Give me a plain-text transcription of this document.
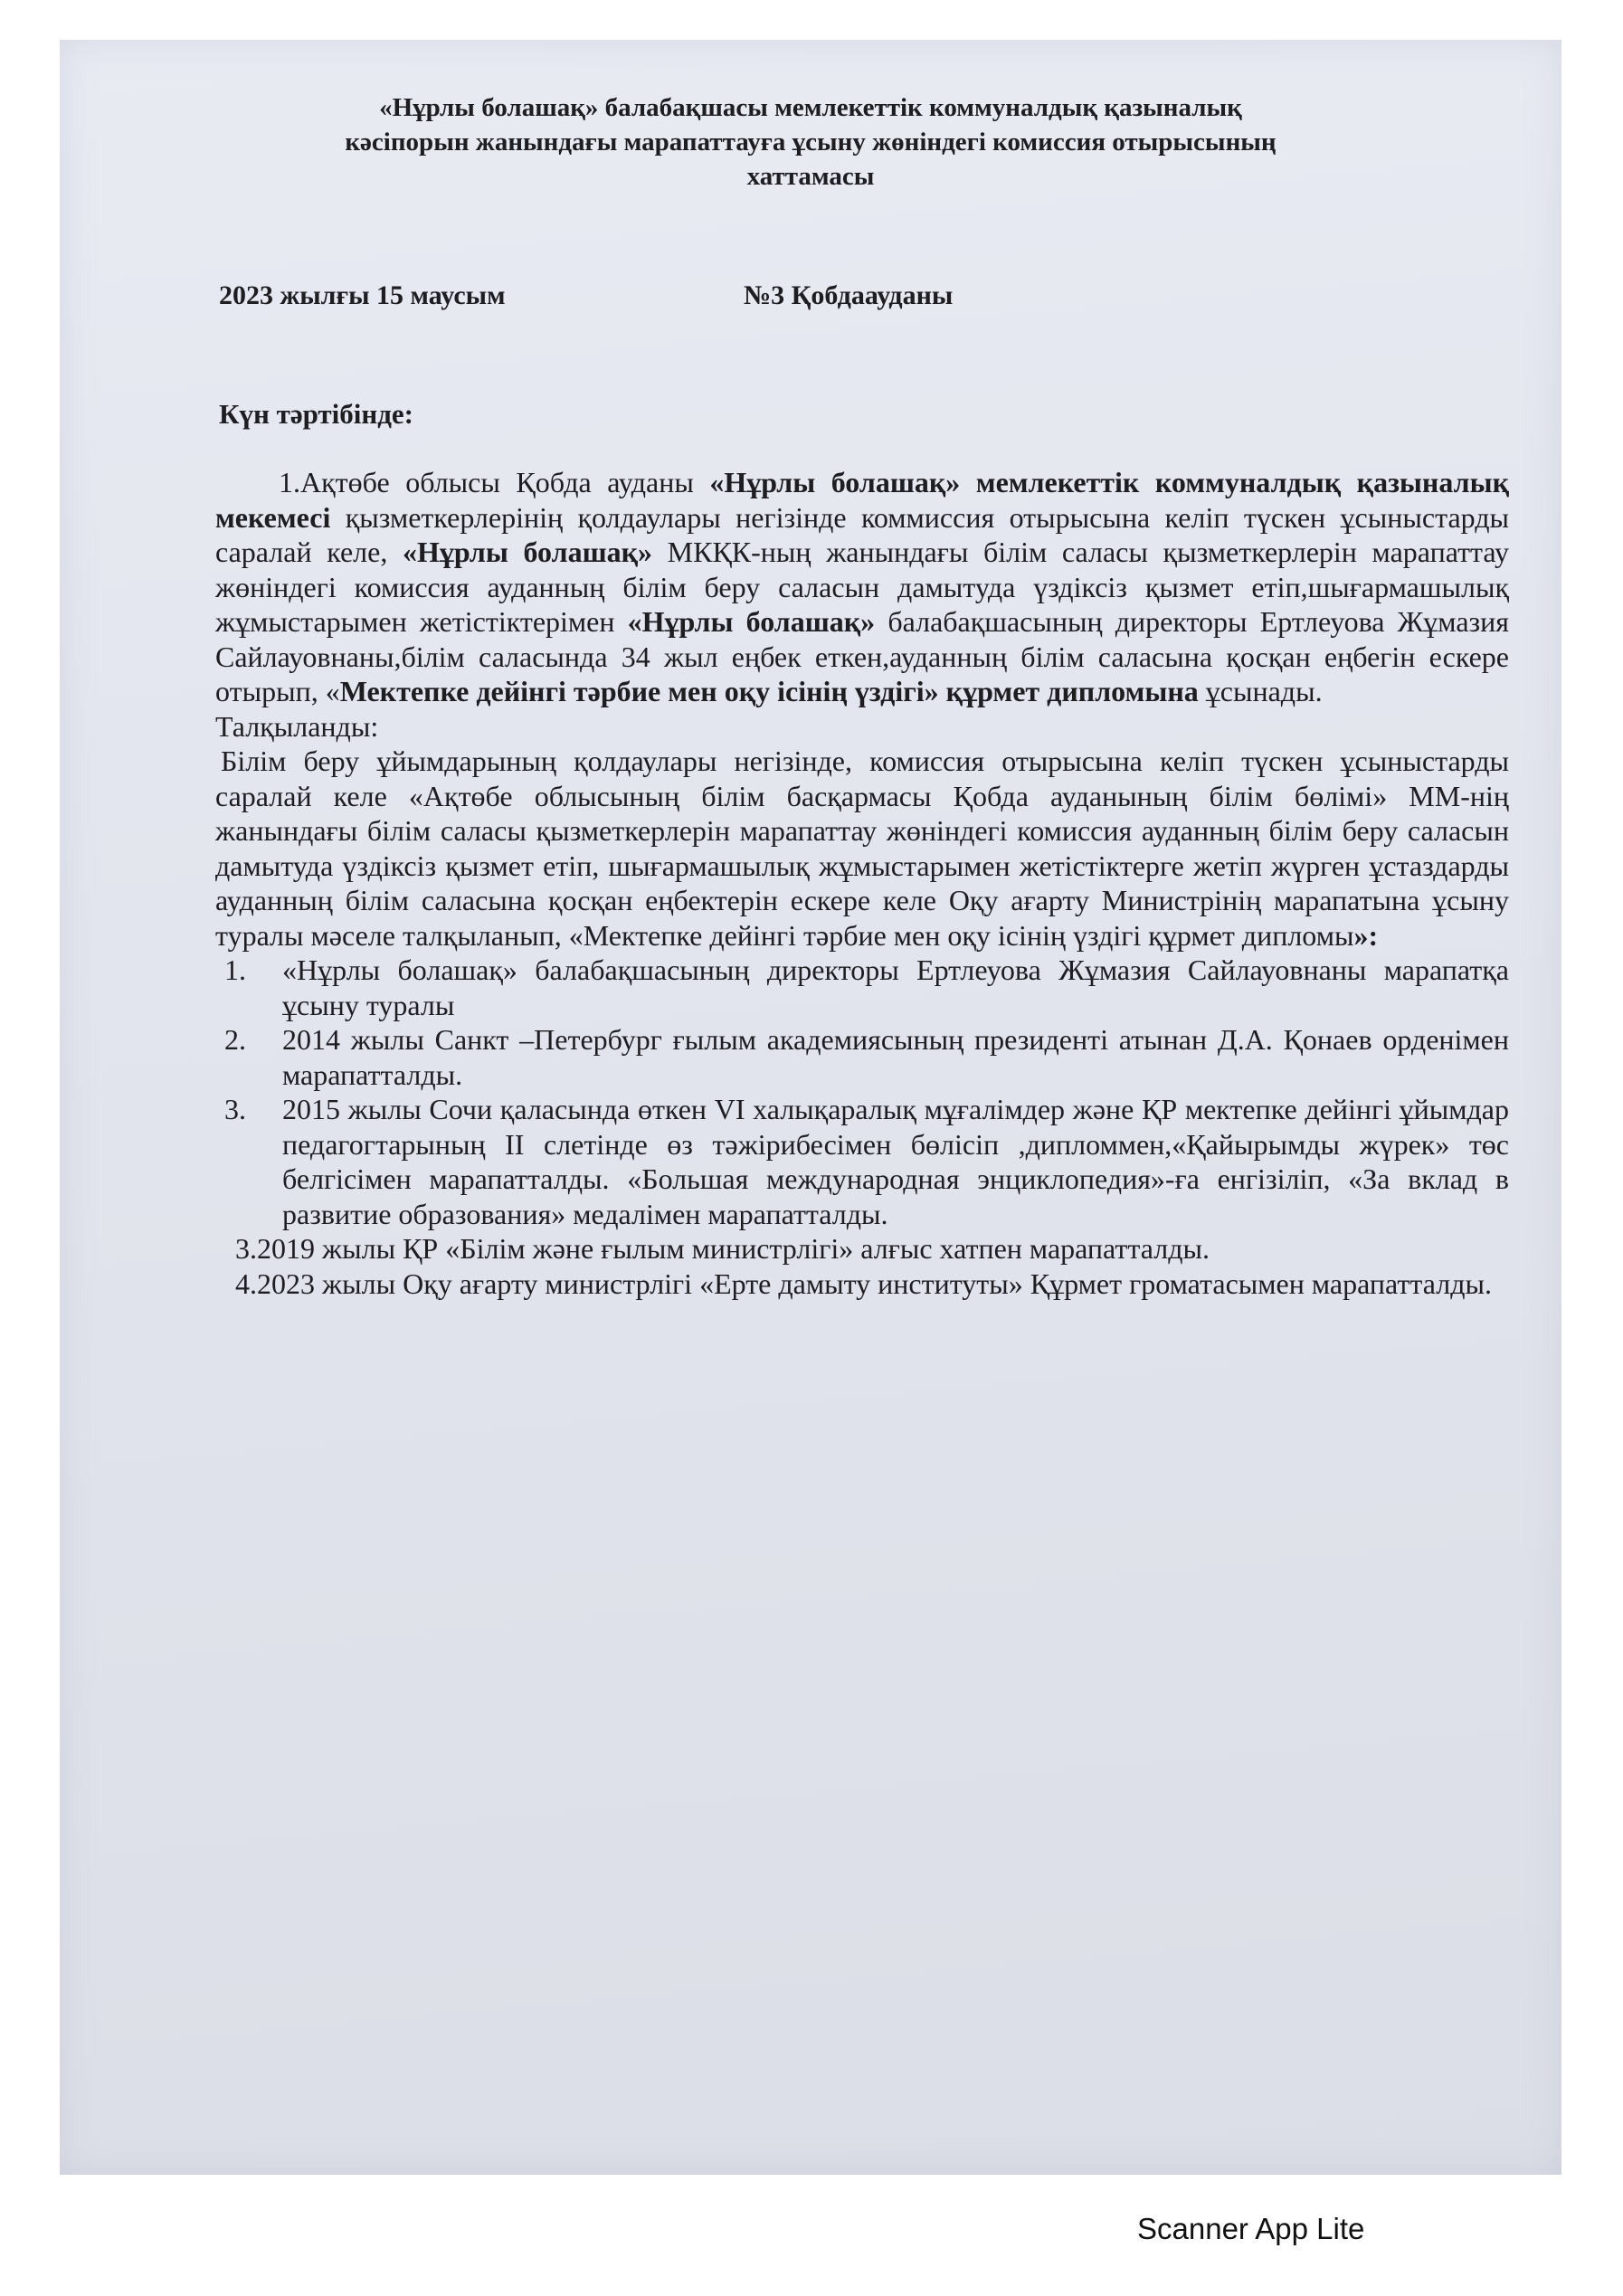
«Нұрлы болашақ» балабақшасы мемлекеттік коммуналдық қазыналық
кәсіпорын жанындағы марапаттауға ұсыну жөніндегі комиссия отырысының
хаттамасы
2023 жылғы 15 маусым	№3 Қобдаауданы
Күн тәртібінде:

1.Ақтөбе облысы Қобда ауданы «Нұрлы болашақ» мемлекеттік коммуналдық қазыналық мекемесі қызметкерлерінің қолдаулары негізінде коммиссия отырысына келіп түскен ұсыныстарды саралай келе, «Нұрлы болашақ» МКҚК-ның жанындағы білім саласы қызметкерлерін марапаттау жөніндегі комиссия ауданның білім беру саласын дамытуда үздіксіз қызмет етіп,шығармашылық жұмыстарымен жетістіктерімен «Нұрлы болашақ» балабақшасының директоры Ертлеуова Жұмазия Сайлауовнаны,білім саласында 34 жыл еңбек еткен,ауданның білім саласына қосқан еңбегін ескере отырып, «Мектепке дейінгі тәрбие мен оқу ісінің үздігі» құрмет дипломына ұсынады.

Талқыланды:

Білім беру ұйымдарының қолдаулары негізінде, комиссия отырысына келіп түскен ұсыныстарды саралай келе «Ақтөбе облысының білім басқармасы Қобда ауданының білім бөлімі» ММ-нің жанындағы білім саласы қызметкерлерін марапаттау жөніндегі комиссия ауданның білім беру саласын дамытуда үздіксіз қызмет етіп, шығармашылық жұмыстарымен жетістіктерге жетіп жүрген ұстаздарды ауданның білім саласына қосқан еңбектерін ескере келе Оқу ағарту Министрінің марапатына ұсыну туралы мәселе талқыланып, «Мектепке дейінгі тәрбие мен оқу ісінің үздігі құрмет дипломы»:

1. «Нұрлы болашақ» балабақшасының директоры Ертлеуова Жұмазия Сайлауовнаны марапатқа ұсыну туралы
2. 2014 жылы Санкт –Петербург ғылым академиясының президенті атынан Д.А. Қонаев орденімен марапатталды.
3. 2015 жылы Сочи қаласында өткен VI халықаралық мұғалімдер және ҚР мектепке дейінгі ұйымдар педагогтарының II слетінде өз тәжірибесімен бөлісіп ,дипломмен,«Қайырымды жүрек» төс белгісімен марапатталды. «Большая международная энциклопедия»-ға енгізіліп, «За вклад в развитие образования» медалімен марапатталды.

3.2019 жылы ҚР «Білім және ғылым министрлігі» алғыс хатпен марапатталды.

4.2023 жылы Оқу ағарту министрлігі «Ерте дамыту институты» Құрмет громатасымен марапатталды.

Scanner App Lite
